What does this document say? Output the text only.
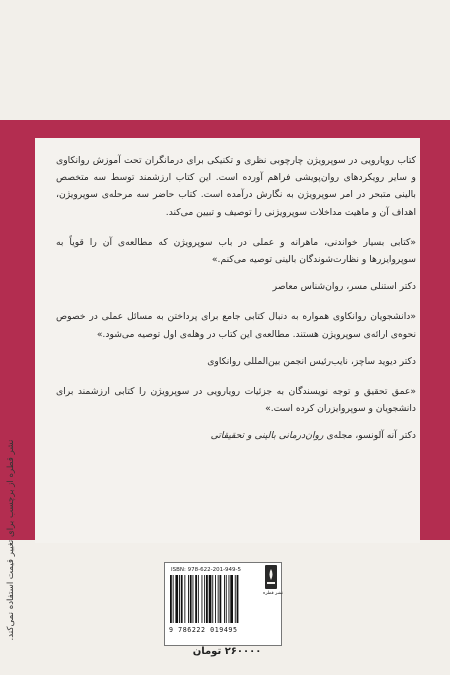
کتاب رویارویی در سوپرویژن چارچوبی نظری و تکنیکی برای درمانگران تحت آموزش روانکاوی و سایر رویکردهای روان‌پویشی فراهم آورده است. این کتاب ارزشمند توسط سه متخصص بالینی متبحر در امر سوپرویژن به نگارش درآمده است. کتاب حاضر سه مرحله‌ی سوپرویژن، اهداف آن و ماهیت مداخلات سوپرویژنی را توصیف و تبیین می‌کند.

«کتابی بسیار خواندنی، ماهرانه و عملی در باب سوپرویژن که مطالعه‌ی آن را قویاً به سوپروایزرها و نظارت‌شوندگان بالینی توصیه می‌کنم.»

دکتر استنلی مسر، روان‌شناس معاصر

«دانشجویان روانکاوی همواره به دنبال کتابی جامع برای پرداختن به مسائل عملی در خصوص نحوه‌ی ارائه‌ی سوپرویژن هستند. مطالعه‌ی این کتاب در وهله‌ی اول توصیه می‌شود.»

دکتر دیوید ساچز، نایب‌رئیس انجمن بین‌المللی روانکاوی

«عمق تحقیق و توجه نویسندگان به جزئیات رویارویی در سوپرویژن را کتابی ارزشمند برای دانشجویان و سوپروایزران کرده است.»

دکتر آنه آلونسو، مجله‌ی روان‌درمانی بالینی و تحقیقاتی

نشر قطره از برچسب برای تغییر قیمت استفاده نمی‌کند.	ISBN: 978-622-201-949-5
9 786222 019495
نشر قطره
۲۶۰۰۰۰ تومان
